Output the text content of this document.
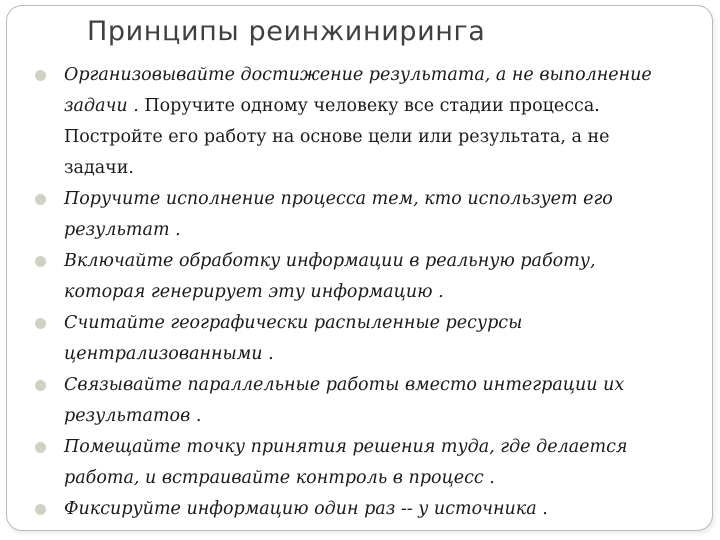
Принципы реинжиниринга
Организовывайте достижение результата, а не выполнение задачи . Поручите одному человеку все стадии процесса. Постройте его работу на основе цели или результата, а не задачи.
Поручите исполнение процесса тем, кто использует его результат .
Включайте обработку информации в реальную работу, которая генерирует эту информацию .
Считайте географически распыленные ресурсы централизованными .
Связывайте параллельные работы вместо интеграции их результатов .
Помещайте точку принятия решения туда, где делается работа, и встраивайте контроль в процесс .
Фиксируйте информацию один раз -- у источника .
